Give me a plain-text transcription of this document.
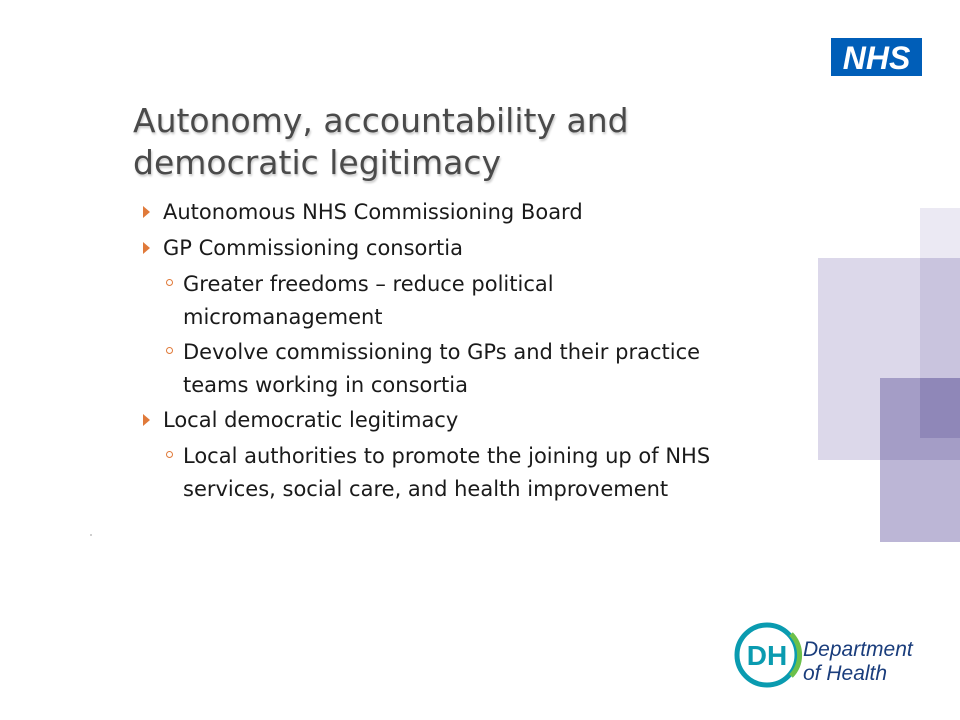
NHS
Autonomy, accountability and
democratic legitimacy
Autonomous NHS Commissioning Board
GP Commissioning consortia
Greater freedoms – reduce political
micromanagement
Devolve commissioning to GPs and their practice
teams working in consortia
Local democratic legitimacy
Local authorities to promote the joining up of NHS
services, social care, and health improvement
DH Department
of Health
